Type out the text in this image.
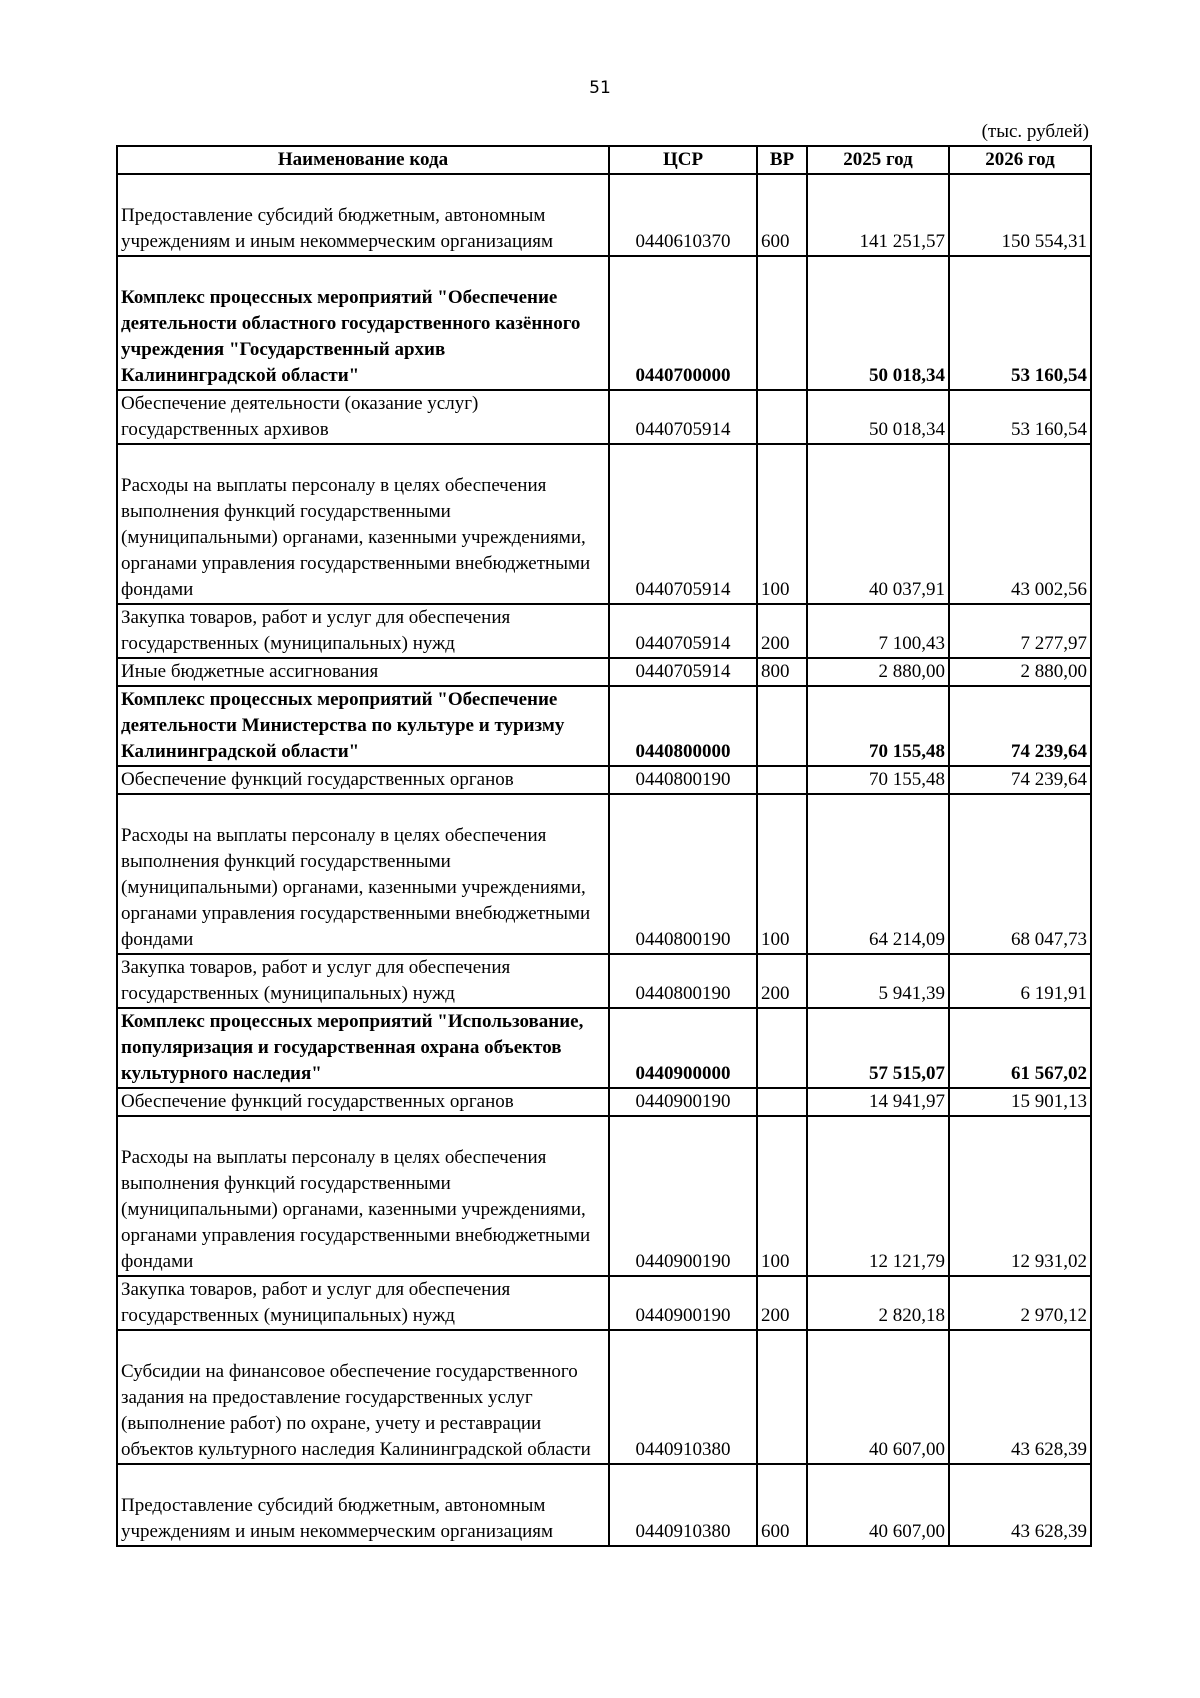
51
(тыс. рублей)
Наименование кода	ЦСР	ВР	2025 год	2026 год
Предоставление субсидий бюджетным, автономным учреждениям и иным некоммерческим организациям	0440610370	600	141 251,57	150 554,31
Комплекс процессных мероприятий "Обеспечение деятельности областного государственного казённого учреждения "Государственный архив Калининградской области"	0440700000		50 018,34	53 160,54
Обеспечение деятельности (оказание услуг) государственных архивов	0440705914		50 018,34	53 160,54
Расходы на выплаты персоналу в целях обеспечения выполнения функций государственными (муниципальными) органами, казенными учреждениями, органами управления государственными внебюджетными фондами	0440705914	100	40 037,91	43 002,56
Закупка товаров, работ и услуг для обеспечения государственных (муниципальных) нужд	0440705914	200	7 100,43	7 277,97
Иные бюджетные ассигнования	0440705914	800	2 880,00	2 880,00
Комплекс процессных мероприятий "Обеспечение деятельности Министерства по культуре и туризму Калининградской области"	0440800000		70 155,48	74 239,64
Обеспечение функций государственных органов	0440800190		70 155,48	74 239,64
Расходы на выплаты персоналу в целях обеспечения выполнения функций государственными (муниципальными) органами, казенными учреждениями, органами управления государственными внебюджетными фондами	0440800190	100	64 214,09	68 047,73
Закупка товаров, работ и услуг для обеспечения государственных (муниципальных) нужд	0440800190	200	5 941,39	6 191,91
Комплекс процессных мероприятий "Использование, популяризация и государственная охрана объектов культурного наследия"	0440900000		57 515,07	61 567,02
Обеспечение функций государственных органов	0440900190		14 941,97	15 901,13
Расходы на выплаты персоналу в целях обеспечения выполнения функций государственными (муниципальными) органами, казенными учреждениями, органами управления государственными внебюджетными фондами	0440900190	100	12 121,79	12 931,02
Закупка товаров, работ и услуг для обеспечения государственных (муниципальных) нужд	0440900190	200	2 820,18	2 970,12
Субсидии на финансовое обеспечение государственного задания на предоставление государственных услуг (выполнение работ) по охране, учету и реставрации объектов культурного наследия Калининградской области	0440910380		40 607,00	43 628,39
Предоставление субсидий бюджетным, автономным учреждениям и иным некоммерческим организациям	0440910380	600	40 607,00	43 628,39
